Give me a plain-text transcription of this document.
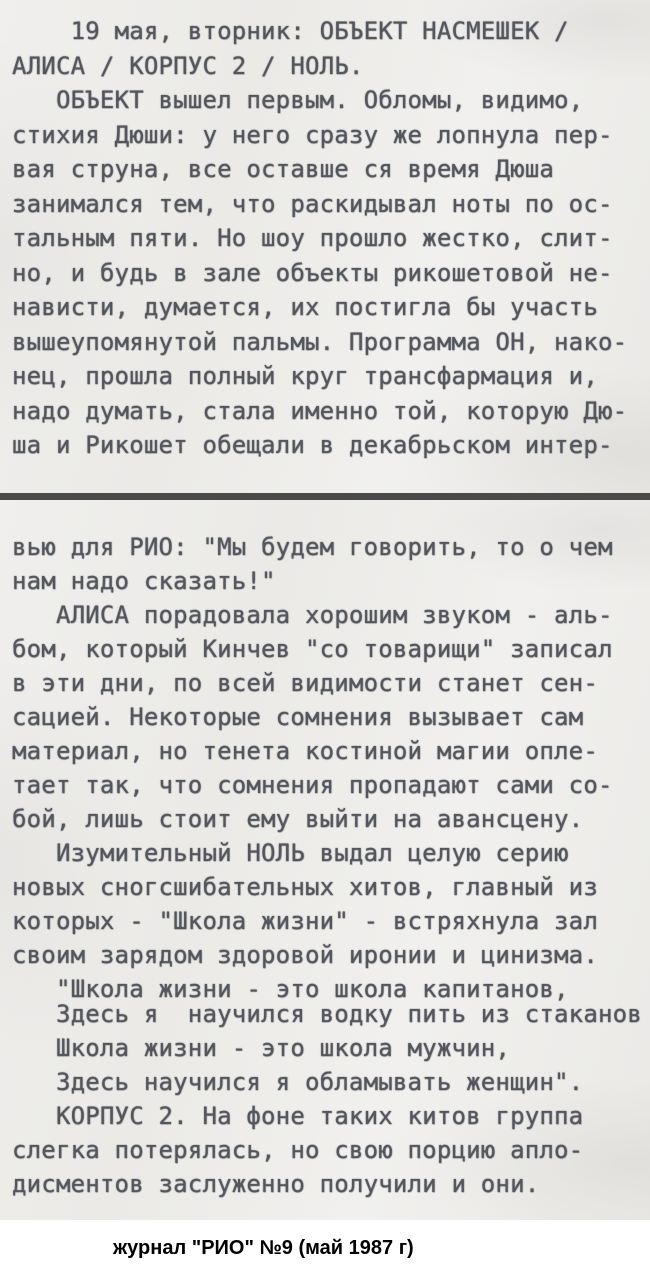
19 мая, вторник: ОБЪЕКТ НАСМЕШЕК /
АЛИСА / КОРПУС 2 / НОЛЬ.
ОБЪЕКТ вышел первым. Обломы, видимо,
стихия Дюши: у него сразу же лопнула пер-
вая струна, все оставше ся время Дюша
занимался тем, что раскидывал ноты по ос-
тальным пяти. Но шоу прошло жестко, слит-
но, и будь в зале объекты рикошетовой не-
нависти, думается, их постигла бы участь
вышеупомянутой пальмы. Программа ОН, нако-
нец, прошла полный круг трансфармация и,
надо думать, стала именно той, которую Дю-
ша и Рикошет обещали в декабрьском интер-
вью для РИО: "Мы будем говорить, то о чем
нам надо сказать!"
АЛИСА порадовала хорошим звуком - аль-
бом, который Кинчев "со товарищи" записал
в эти дни, по всей видимости станет сен-
сацией. Некоторые сомнения вызывает сам
материал, но тенета костиной магии опле-
тает так, что сомнения пропадают сами со-
бой, лишь стоит ему выйти на авансцену.
Изумительный НОЛЬ выдал целую серию
новых сногсшибательных хитов, главный из
которых - "Школа жизни" - встряхнула зал
своим зарядом здоровой иронии и цинизма.
"Школа жизни - это школа капитанов,
Здесь я  научился водку пить из стаканов
Школа жизни - это школа мужчин,
Здесь научился я обламывать женщин".
КОРПУС 2. На фоне таких китов группа
слегка потерялась, но свою порцию апло-
дисментов заслуженно получили и они.
журнал "РИО" №9 (май 1987 г)
